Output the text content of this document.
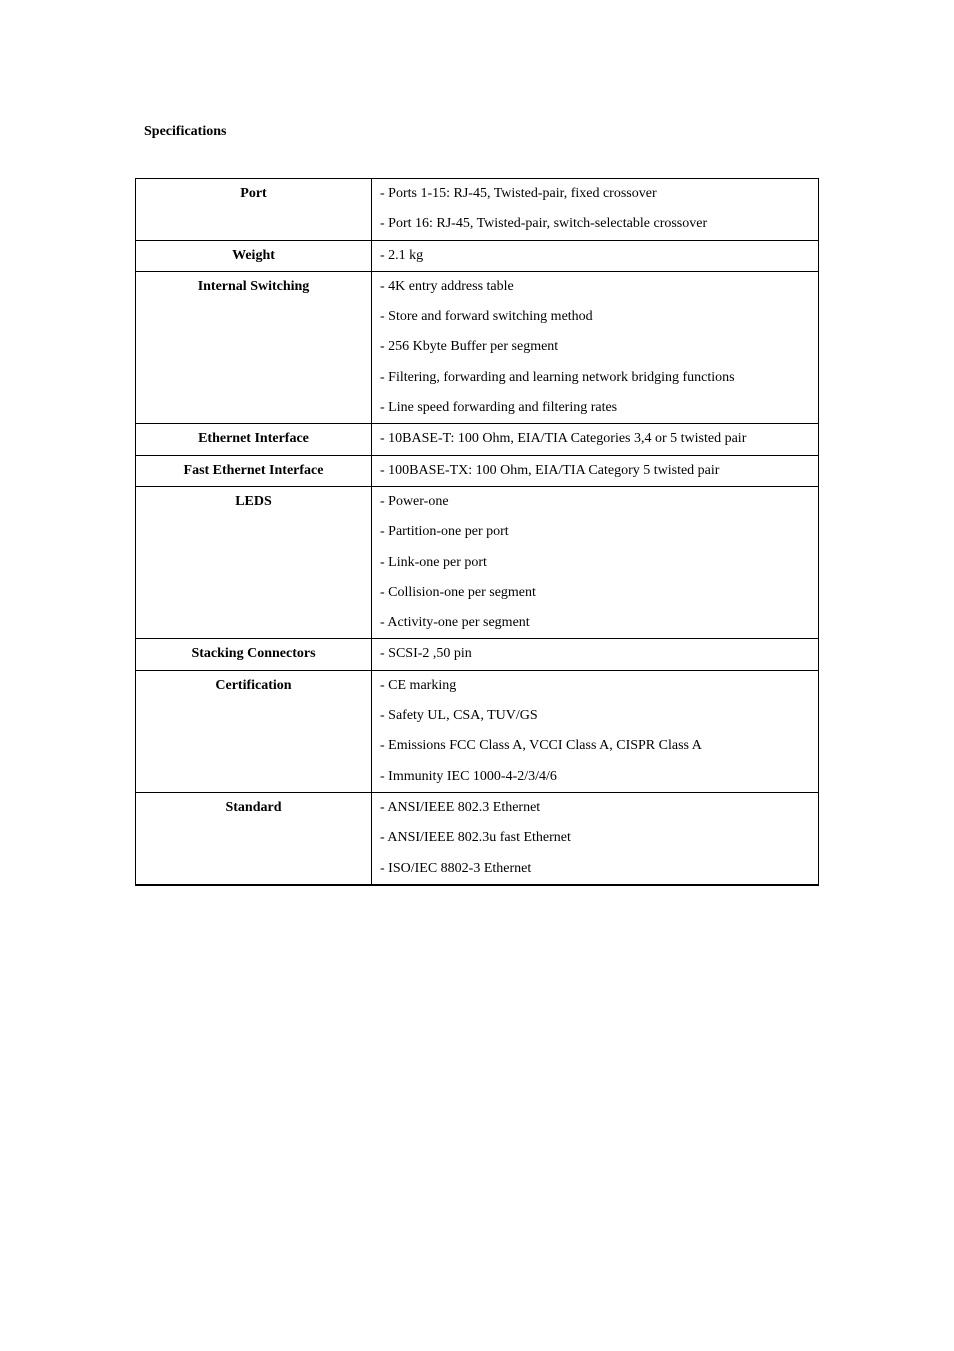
Specifications
Port	- Ports 1-15: RJ-45, Twisted-pair, fixed crossover
- Port 16: RJ-45, Twisted-pair, switch-selectable crossover

Weight	- 2.1 kg

Internal Switching	- 4K entry address table
- Store and forward switching method
- 256 Kbyte Buffer per segment
- Filtering, forwarding and learning network bridging functions
- Line speed forwarding and filtering rates

Ethernet Interface	- 10BASE-T: 100 Ohm, EIA/TIA Categories 3,4 or 5 twisted pair

Fast Ethernet Interface	- 100BASE-TX: 100 Ohm, EIA/TIA Category 5 twisted pair

LEDS	- Power-one
- Partition-one per port
- Link-one per port
- Collision-one per segment
- Activity-one per segment

Stacking Connectors	- SCSI-2 ,50 pin

Certification	- CE marking
- Safety UL, CSA, TUV/GS
- Emissions FCC Class A, VCCI Class A, CISPR Class A
- Immunity IEC 1000-4-2/3/4/6

Standard	- ANSI/IEEE 802.3 Ethernet
- ANSI/IEEE 802.3u fast Ethernet
- ISO/IEC 8802-3 Ethernet
